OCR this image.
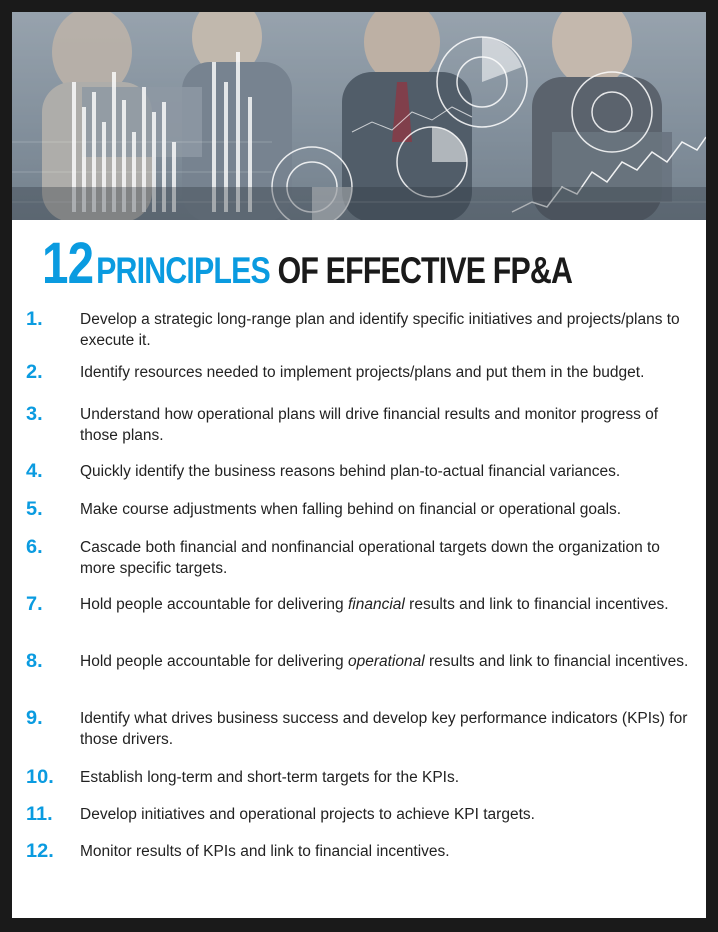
12 PRINCIPLES OF EFFECTIVE FP&A
1.	Develop a strategic long-range plan and identify specific initiatives and projects/plans to execute it.
2.	Identify resources needed to implement projects/plans and put them in the budget.
3.	Understand how operational plans will drive financial results and monitor progress of those plans.
4.	Quickly identify the business reasons behind plan-to-actual financial variances.
5.	Make course adjustments when falling behind on financial or operational goals.
6.	Cascade both financial and nonfinancial operational targets down the organization to more specific targets.
7.	Hold people accountable for delivering financial results and link to financial incentives.
8.	Hold people accountable for delivering operational results and link to financial incentives.
9.	Identify what drives business success and develop key performance indicators (KPIs) for those drivers.
10.	Establish long-term and short-term targets for the KPIs.
11.	Develop initiatives and operational projects to achieve KPI targets.
12.	Monitor results of KPIs and link to financial incentives.
